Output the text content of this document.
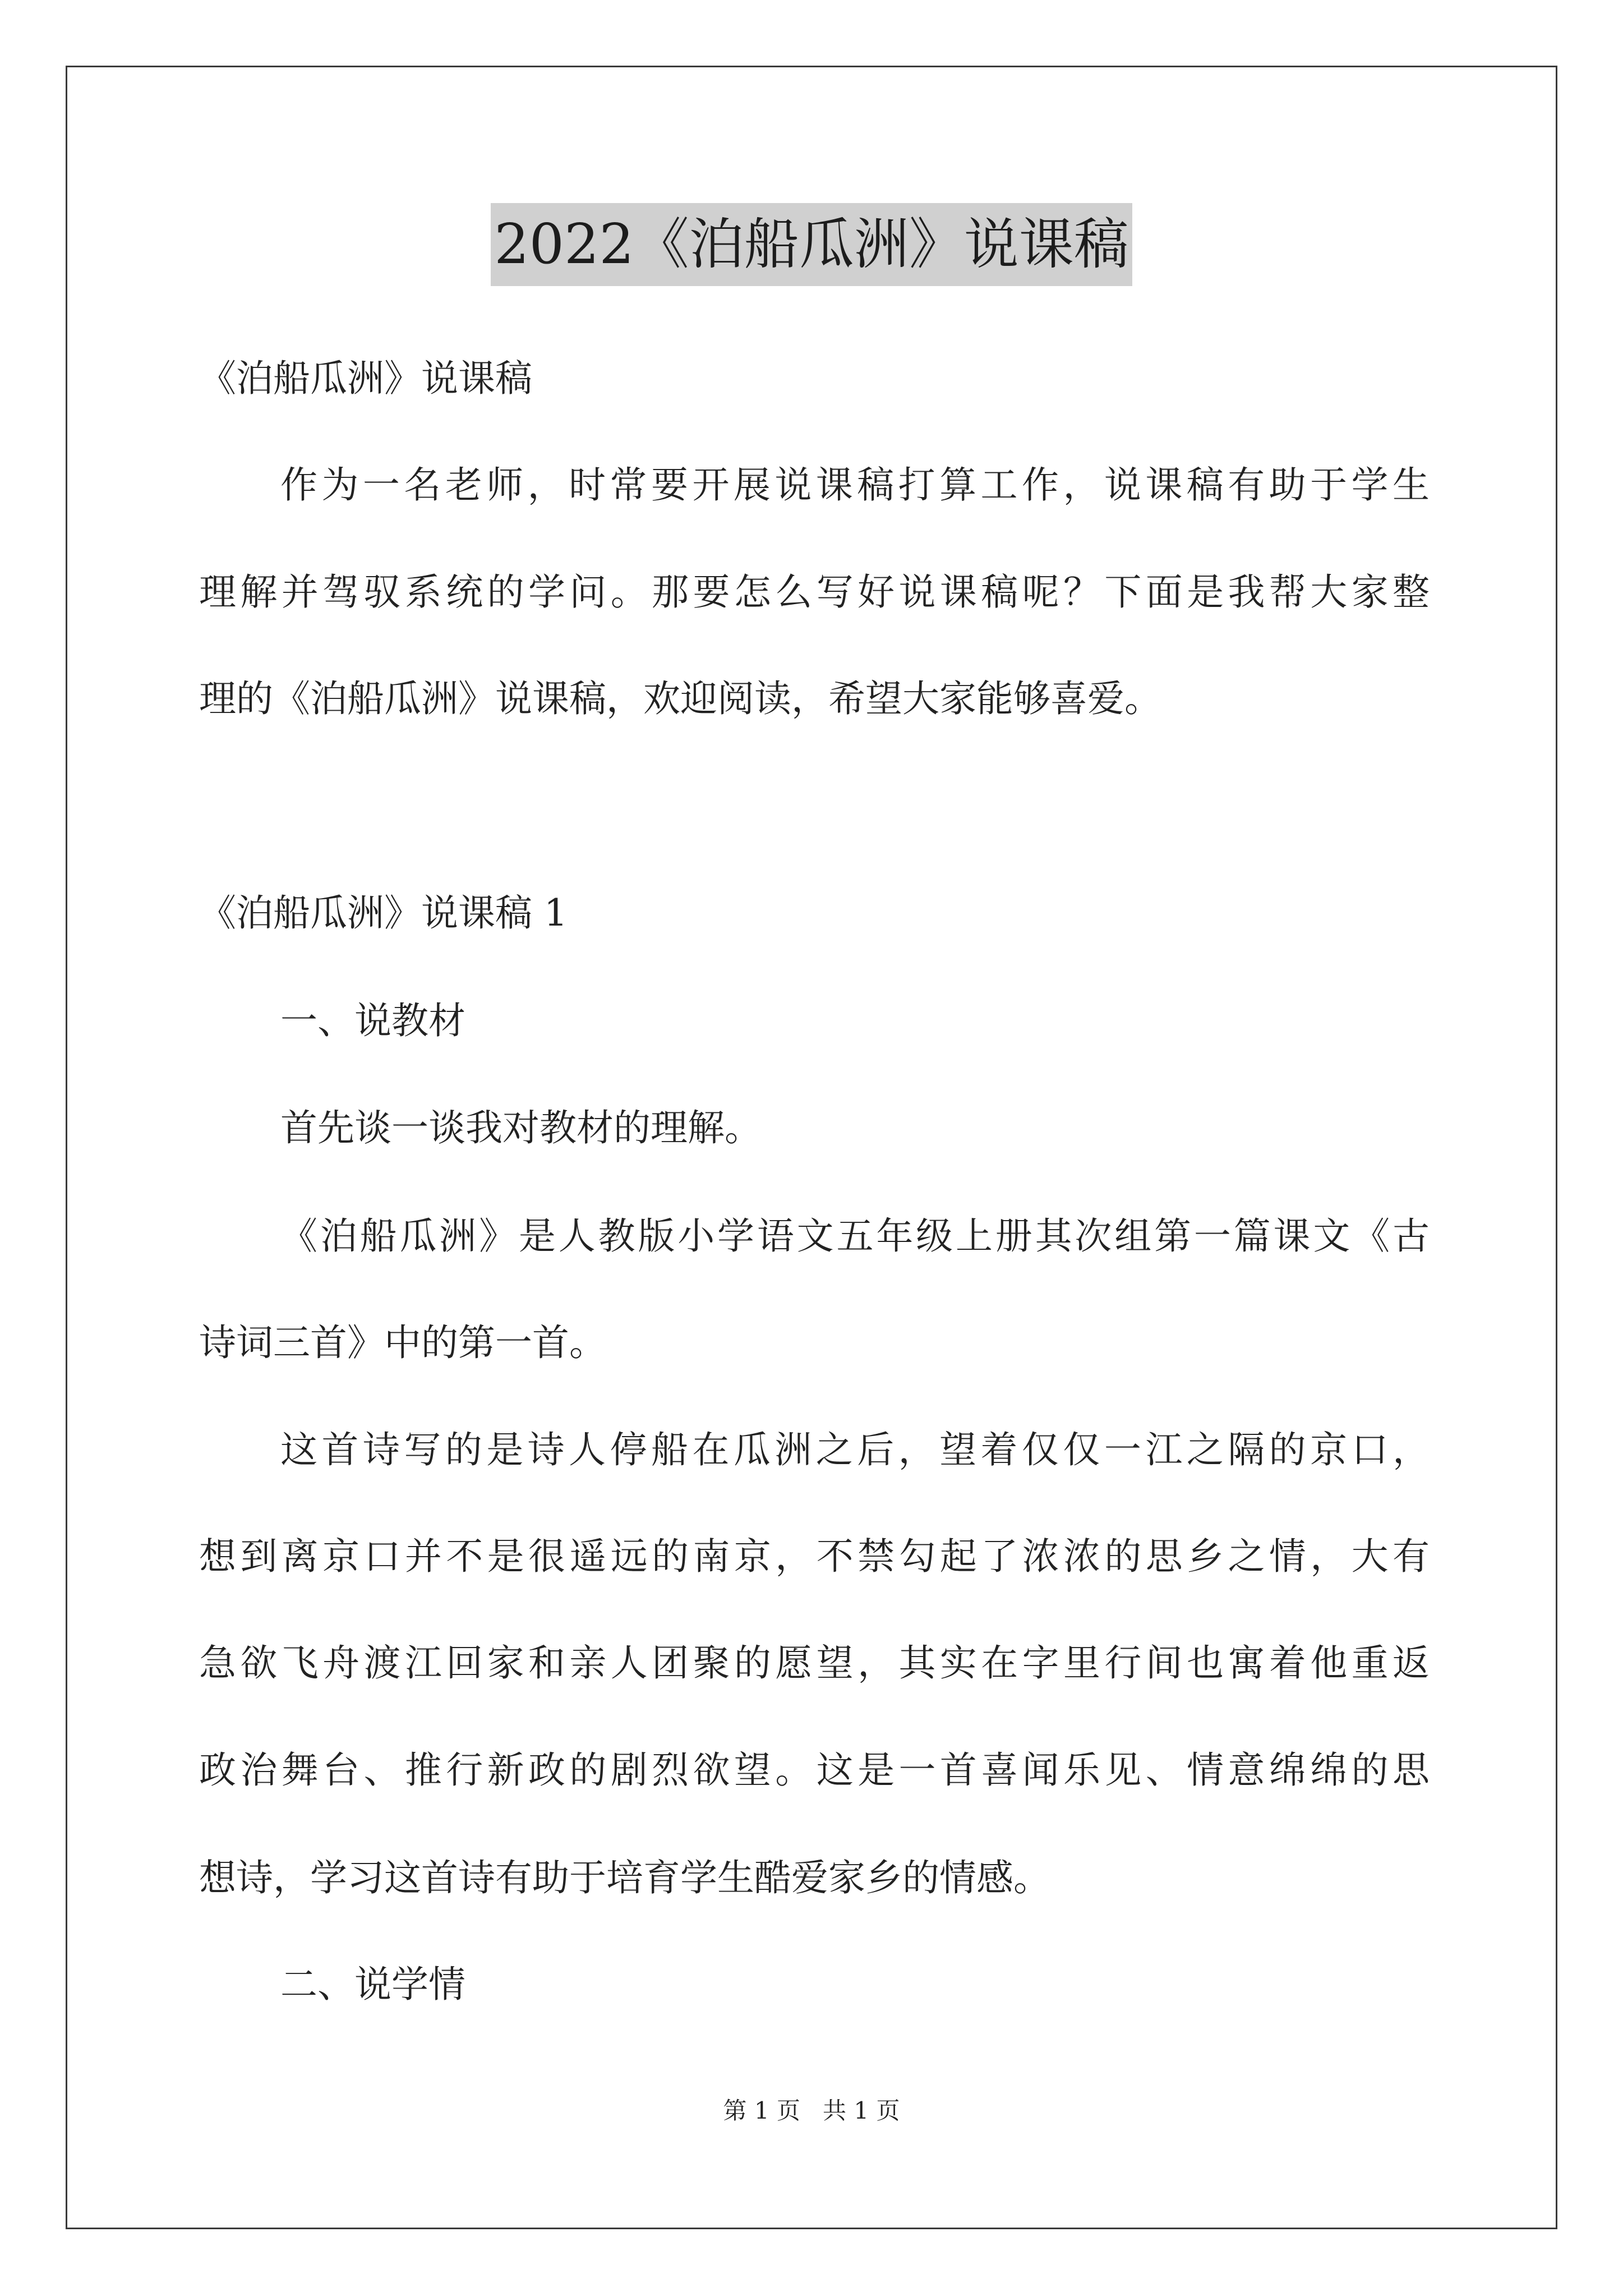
2022《泊船瓜洲》说课稿
《泊船瓜洲》说课稿
作为一名老师，时常要开展说课稿打算工作，说课稿有助于学生
理解并驾驭系统的学问。那要怎么写好说课稿呢？下面是我帮大家整
理的《泊船瓜洲》说课稿，欢迎阅读，希望大家能够喜爱。
《泊船瓜洲》说课稿 1
一、说教材
首先谈一谈我对教材的理解。
《泊船瓜洲》是人教版小学语文五年级上册其次组第一篇课文《古
诗词三首》中的第一首。
这首诗写的是诗人停船在瓜洲之后，望着仅仅一江之隔的京口，
想到离京口并不是很遥远的南京，不禁勾起了浓浓的思乡之情，大有
急欲飞舟渡江回家和亲人团聚的愿望，其实在字里行间也寓着他重返
政治舞台、推行新政的剧烈欲望。这是一首喜闻乐见、情意绵绵的思
想诗，学习这首诗有助于培育学生酷爱家乡的情感。
二、说学情
第 1 页   共 1 页
